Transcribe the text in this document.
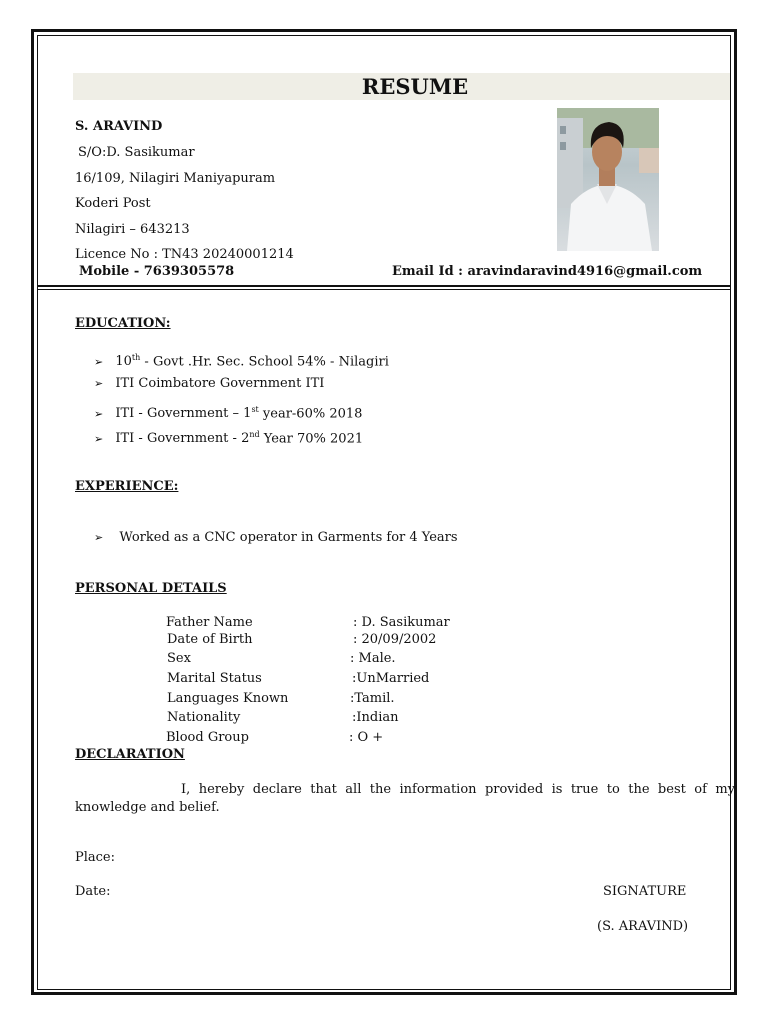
RESUME
S. ARAVIND
S/O:D. Sasikumar
16/109, Nilagiri Maniyapuram
Koderi Post
Nilagiri – 643213
Licence No : TN43 20240001214
Mobile - 7639305578	Email Id : aravindaravind4916@gmail.com
EDUCATION:
➢ 10th - Govt .Hr. Sec. School 54% - Nilagiri
➢ ITI Coimbatore Government ITI
➢ ITI - Government – 1st year-60% 2018
➢ ITI - Government - 2nd Year 70% 2021
EXPERIENCE:
➢ Worked as a CNC operator in Garments for 4 Years
PERSONAL DETAILS
Father Name	: D. Sasikumar
Date of Birth	: 20/09/2002
Sex	: Male.
Marital Status	:UnMarried
Languages Known	:Tamil.
Nationality	:Indian
Blood Group	: O +
DECLARATION
I, hereby declare that all the information provided is true to the best of my knowledge and belief.
Place:
Date:	SIGNATURE
(S. ARAVIND)
